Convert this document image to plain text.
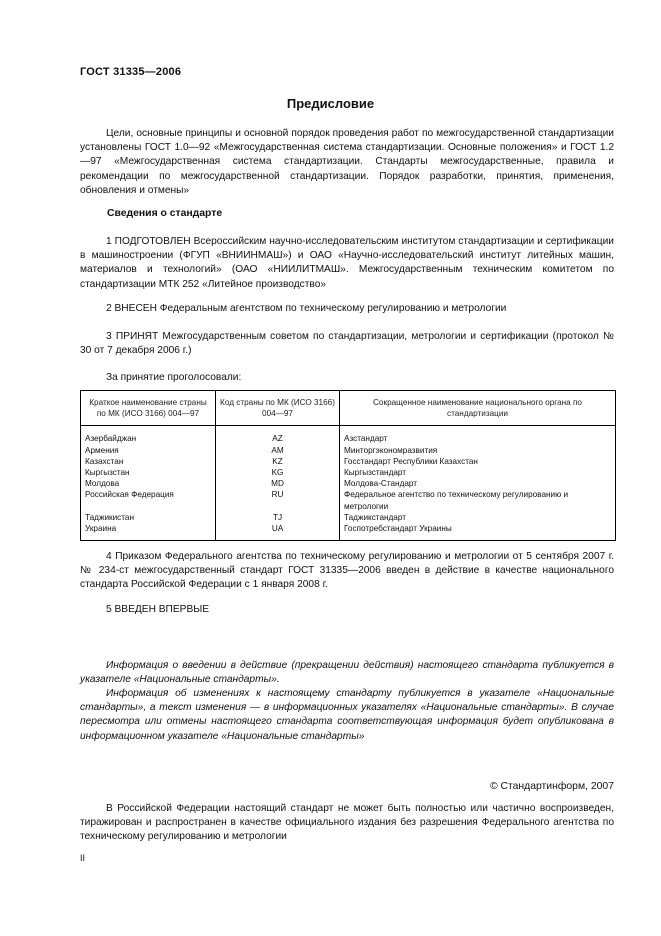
ГОСТ 31335—2006
Предисловие
Цели, основные принципы и основной порядок проведения работ по межгосударственной стандартизации установлены ГОСТ 1.0—92 «Межгосударственная система стандартизации. Основные положения» и ГОСТ 1.2—97 «Межгосударственная система стандартизации. Стандарты межгосударственные, правила и рекомендации по межгосударственной стандартизации. Порядок разработки, принятия, применения, обновления и отмены»
Сведения о стандарте
1 ПОДГОТОВЛЕН Всероссийским научно-исследовательским институтом стандартизации и сертификации в машиностроении (ФГУП «ВНИИНМАШ») и ОАО «Научно-исследовательский институт литейных машин, материалов и технологий» (ОАО «НИИЛИТМАШ». Межгосударственным техническим комитетом по стандартизации МТК 252 «Литейное производство»
2 ВНЕСЕН Федеральным агентством по техническому регулированию и метрологии
3 ПРИНЯТ Межгосударственным советом по стандартизации, метрологии и сертификации (протокол № 30 от 7 декабря 2006 г.)
За принятие проголосовали:
Краткое наименование страны по МК (ИСО 3166) 004—97	Код страны по МК (ИСО 3166) 004—97	Сокращенное наименование национального органа по стандартизации
Азербайджан	AZ	Азстандарт
Армения	AM	Минторгэкономразвития
Казахстан	KZ	Госстандарт Республики Казахстан
Кыргызстан	KG	Кыргызстандарт
Молдова	MD	Молдова-Стандарт
Российская Федерация	RU	Федеральное агентство по техническому регулированию и метрологии
Таджикистан	TJ	Таджикстандарт
Украина	UA	Госпотребстандарт Украины
4 Приказом Федерального агентства по техническому регулированию и метрологии от 5 сентября 2007 г. № 234-ст межгосударственный стандарт ГОСТ 31335—2006 введен в действие в качестве национального стандарта Российской Федерации с 1 января 2008 г.
5 ВВЕДЕН ВПЕРВЫЕ
Информация о введении в действие (прекращении действия) настоящего стандарта публикуется в указателе «Национальные стандарты».
Информация об изменениях к настоящему стандарту публикуется в указателе «Национальные стандарты», а текст изменения — в информационных указателях «Национальные стандарты». В случае пересмотра или отмены настоящего стандарта соответствующая информация будет опубликована в информационном указателе «Национальные стандарты»
© Стандартинформ, 2007
В Российской Федерации настоящий стандарт не может быть полностью или частично воспроизведен, тиражирован и распространен в качестве официального издания без разрешения Федерального агентства по техническому регулированию и метрологии
II
